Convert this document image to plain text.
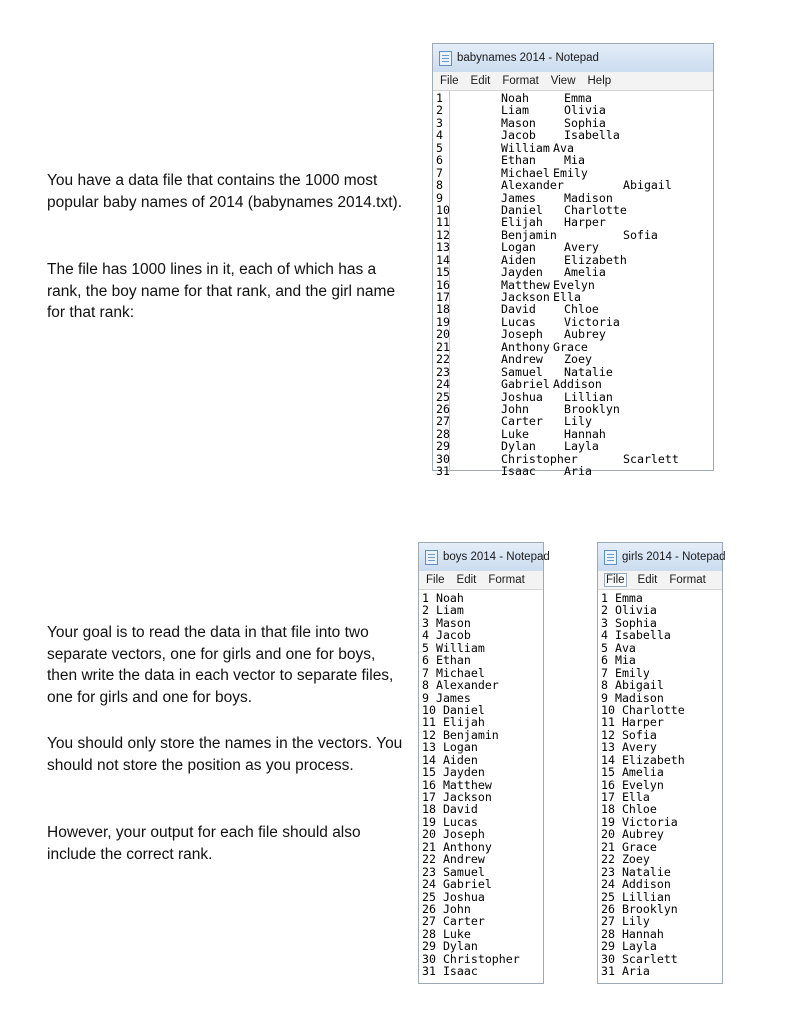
You have a data file that contains the 1000 most popular baby names of 2014 (babynames 2014.txt).

The file has 1000 lines in it, each of which has a rank, the boy name for that rank, and the girl name for that rank:

Your goal is to read the data in that file into two separate vectors, one for girls and one for boys, then write the data in each vector to separate files, one for girls and one for boys.

You should only store the names in the vectors. You should not store the position as you process.

However, your output for each file should also include the correct rank.

babynames 2014 - Notepad
File Edit Format View Help
1	Noah	Emma
2	Liam	Olivia
3	Mason Sophia
4	Jacob Isabella
5	William Ava
6	Ethan Mia
7	Michael Emily
8	Alexander	Abigail
9	James Madison
10	Daniel Charlotte
11	Elijah Harper
12	Benjamin	Sofia
13	Logan Avery
14	Aiden Elizabeth
15	Jayden Amelia
16	Matthew Evelyn
17	Jackson Ella
18	David Chloe
19	Lucas Victoria
20	Joseph Aubrey
21	Anthony Grace
22	Andrew Zoey
23	Samuel Natalie
24	Gabriel Addison
25	Joshua Lillian
26	John	Brooklyn
27	Carter Lily
28	Luke	Hannah
29	Dylan Layla
30	Christopher	Scarlett
31	Isaac Aria
boys 2014 - Notepad
File Edit Format
1 Noah
2 Liam
3 Mason
4 Jacob
5 William
6 Ethan
7 Michael
8 Alexander
9 James
10 Daniel
11 Elijah
12 Benjamin
13 Logan
14 Aiden
15 Jayden
16 Matthew
17 Jackson
18 David
19 Lucas
20 Joseph
21 Anthony
22 Andrew
23 Samuel
24 Gabriel
25 Joshua
26 John
27 Carter
28 Luke
29 Dylan
30 Christopher
31 Isaac
girls 2014 - Notepad
File Edit Format
1 Emma
2 Olivia
3 Sophia
4 Isabella
5 Ava
6 Mia
7 Emily
8 Abigail
9 Madison
10 Charlotte
11 Harper
12 Sofia
13 Avery
14 Elizabeth
15 Amelia
16 Evelyn
17 Ella
18 Chloe
19 Victoria
20 Aubrey
21 Grace
22 Zoey
23 Natalie
24 Addison
25 Lillian
26 Brooklyn
27 Lily
28 Hannah
29 Layla
30 Scarlett
31 Aria
